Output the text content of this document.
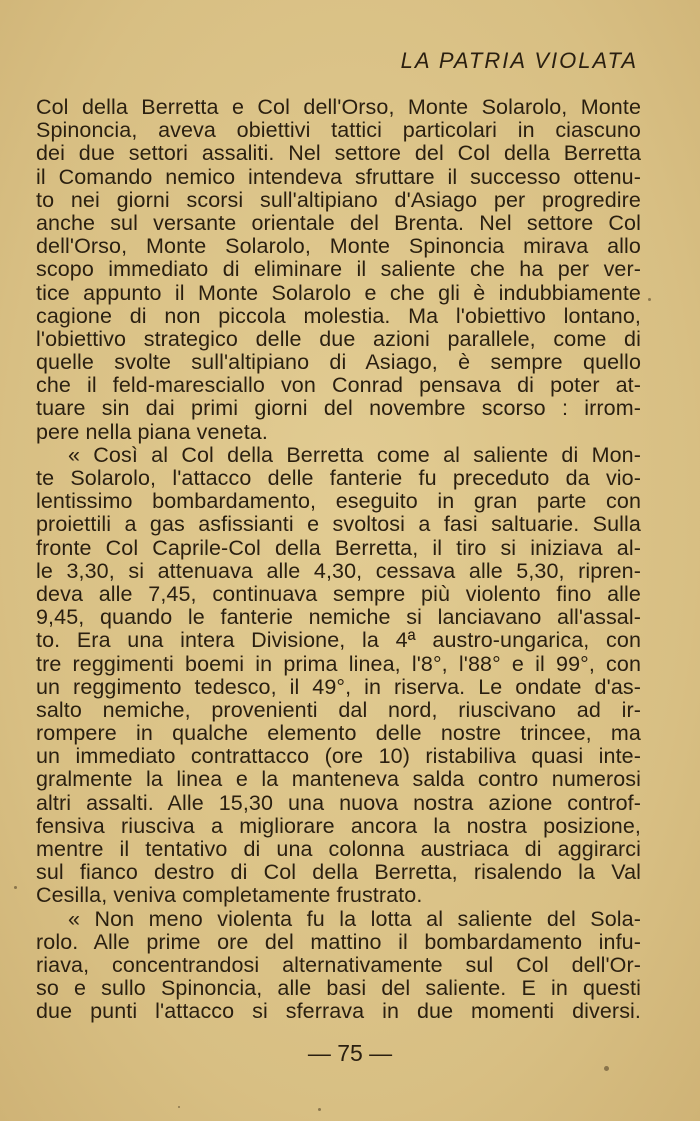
LA PATRIA VIOLATA
Col della Berretta e Col dell'Orso, Monte Solarolo, Monte
Spinoncia, aveva obiettivi tattici particolari in ciascuno
dei due settori assaliti. Nel settore del Col della Berretta
il Comando nemico intendeva sfruttare il successo ottenu-
to nei giorni scorsi sull'altipiano d'Asiago per progredire
anche sul versante orientale del Brenta. Nel settore Col
dell'Orso, Monte Solarolo, Monte Spinoncia mirava allo
scopo immediato di eliminare il saliente che ha per ver-
tice appunto il Monte Solarolo e che gli è indubbiamente
cagione di non piccola molestia. Ma l'obiettivo lontano,
l'obiettivo strategico delle due azioni parallele, come di
quelle svolte sull'altipiano di Asiago, è sempre quello
che il feld-maresciallo von Conrad pensava di poter at-
tuare sin dai primi giorni del novembre scorso : irrom-
pere nella piana veneta.
« Così al Col della Berretta come al saliente di Mon-
te Solarolo, l'attacco delle fanterie fu preceduto da vio-
lentissimo bombardamento, eseguito in gran parte con
proiettili a gas asfissianti e svoltosi a fasi saltuarie. Sulla
fronte Col Caprile-Col della Berretta, il tiro si iniziava al-
le 3,30, si attenuava alle 4,30, cessava alle 5,30, ripren-
deva alle 7,45, continuava sempre più violento fino alle
9,45, quando le fanterie nemiche si lanciavano all'assal-
to. Era una intera Divisione, la 4ª austro-ungarica, con
tre reggimenti boemi in prima linea, l'8°, l'88° e il 99°, con
un reggimento tedesco, il 49°, in riserva. Le ondate d'as-
salto nemiche, provenienti dal nord, riuscivano ad ir-
rompere in qualche elemento delle nostre trincee, ma
un immediato contrattacco (ore 10) ristabiliva quasi inte-
gralmente la linea e la manteneva salda contro numerosi
altri assalti. Alle 15,30 una nuova nostra azione controf-
fensiva riusciva a migliorare ancora la nostra posizione,
mentre il tentativo di una colonna austriaca di aggirarci
sul fianco destro di Col della Berretta, risalendo la Val
Cesilla, veniva completamente frustrato.
« Non meno violenta fu la lotta al saliente del Sola-
rolo. Alle prime ore del mattino il bombardamento infu-
riava, concentrandosi alternativamente sul Col dell'Or-
so e sullo Spinoncia, alle basi del saliente. E in questi
due punti l'attacco si sferrava in due momenti diversi.
— 75 —
